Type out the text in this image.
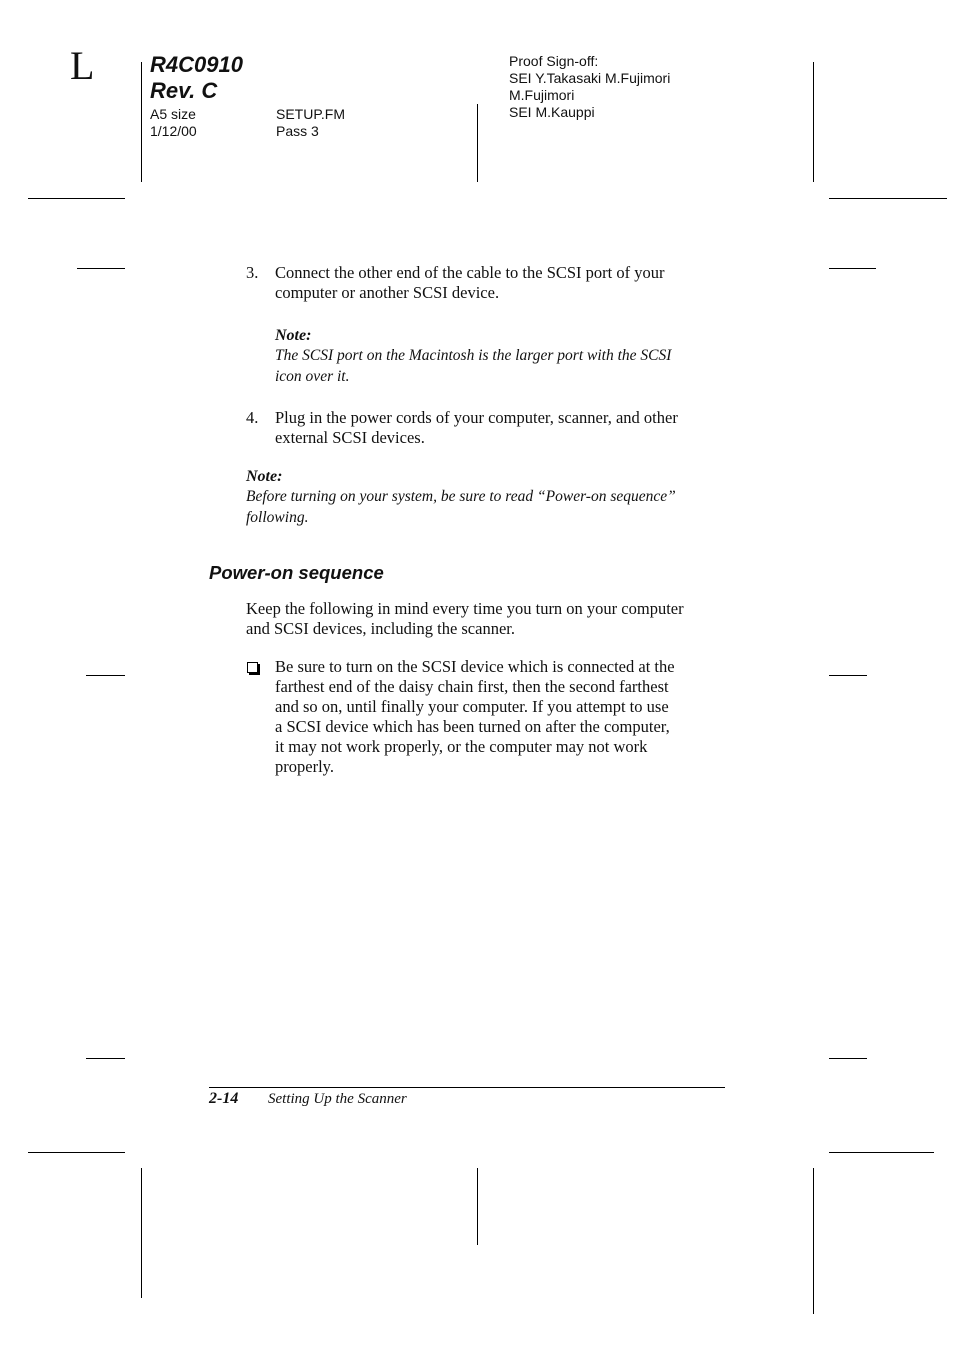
L	R4C0910
Rev. C
A5 size
1/12/00
SETUP.FM
Pass 3
Proof Sign-off:
SEI Y.Takasaki M.Fujimori
M.Fujimori
SEI M.Kauppi
3. Connect the other end of the cable to the SCSI port of your
computer or another SCSI device.
Note:
The SCSI port on the Macintosh is the larger port with the SCSI
icon over it.
4. Plug in the power cords of your computer, scanner, and other
external SCSI devices.
Note:
Before turning on your system, be sure to read “Power-on sequence”
following.
Power-on sequence
Keep the following in mind every time you turn on your computer
and SCSI devices, including the scanner.
Be sure to turn on the SCSI device which is connected at the
farthest end of the daisy chain first, then the second farthest
and so on, until finally your computer. If you attempt to use
a SCSI device which has been turned on after the computer,
it may not work properly, or the computer may not work
properly.
2-14 Setting Up the Scanner
